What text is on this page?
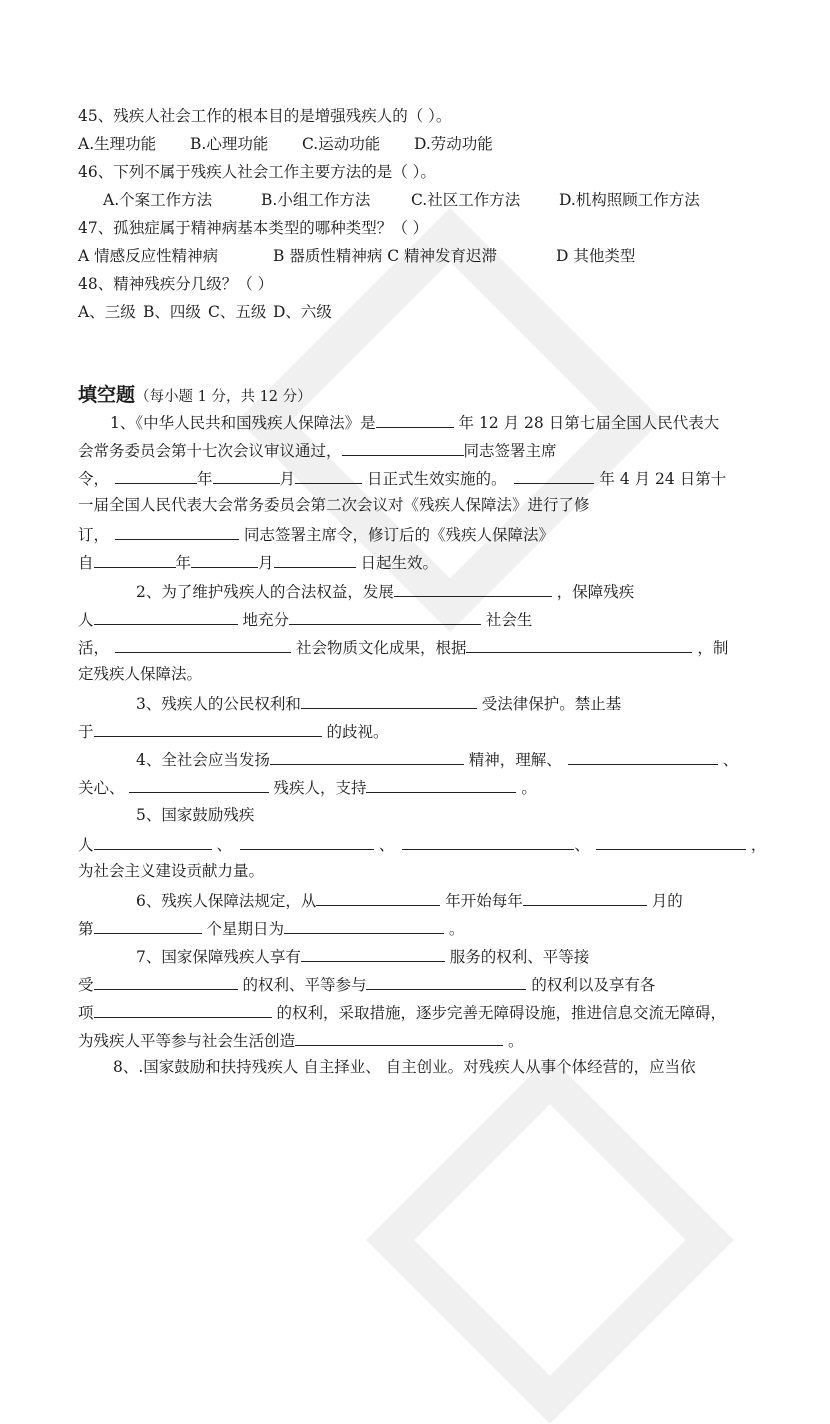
45、残疾人社会工作的根本目的是增强残疾人的（ ）。
A.生理功能 B.心理功能 C.运动功能 D.劳动功能
46、下列不属于残疾人社会工作主要方法的是（ ）。
A.个案工作方法	B.小组工作方法	C.社区工作方法	D.机构照顾工作方法
47、孤独症属于精神病基本类型的哪种类型？（ ）
A 情感反应性精神病	B 器质性精神病 C 精神发育迟滞	D 其他类型
48、精神残疾分几级？（ ）
A、三级 B、四级 C、五级 D、六级
填空题（每小题 1 分，共 12 分）
1、《中华人民共和国残疾人保障法》是	年 12 月 28 日第七届全国人民代表大
会常务委员会第十七次会议审议通过，	同志签署主席
令，	年	月	日正式生效实施的。	年 4 月 24 日第十
一届全国人民代表大会常务委员会第二次会议对《残疾人保障法》进行了修
订，	同志签署主席令，修订后的《残疾人保障法》
自	年	月	日起生效。
2、为了维护残疾人的合法权益，发展	，保障残疾
人	地充分	社会生
活，	社会物质文化成果，根据	，制
定残疾人保障法。
3、残疾人的公民权利和	受法律保护。禁止基
于	的歧视。
4、全社会应当发扬	精神，理解、	、
关心、	残疾人，支持	。
5、国家鼓励残疾
人	、	、	、	，
为社会主义建设贡献力量。
6、残疾人保障法规定，从	年开始每年	月的
第	个星期日为	。
7、国家保障残疾人享有	服务的权利、平等接
受	的权利、平等参与	的权利以及享有各
项	的权利，采取措施，逐步完善无障碍设施，推进信息交流无障碍，
为残疾人平等参与社会生活创造	。
8、.国家鼓励和扶持残疾人 自主择业、 自主创业。对残疾人从事个体经营的，应当依
